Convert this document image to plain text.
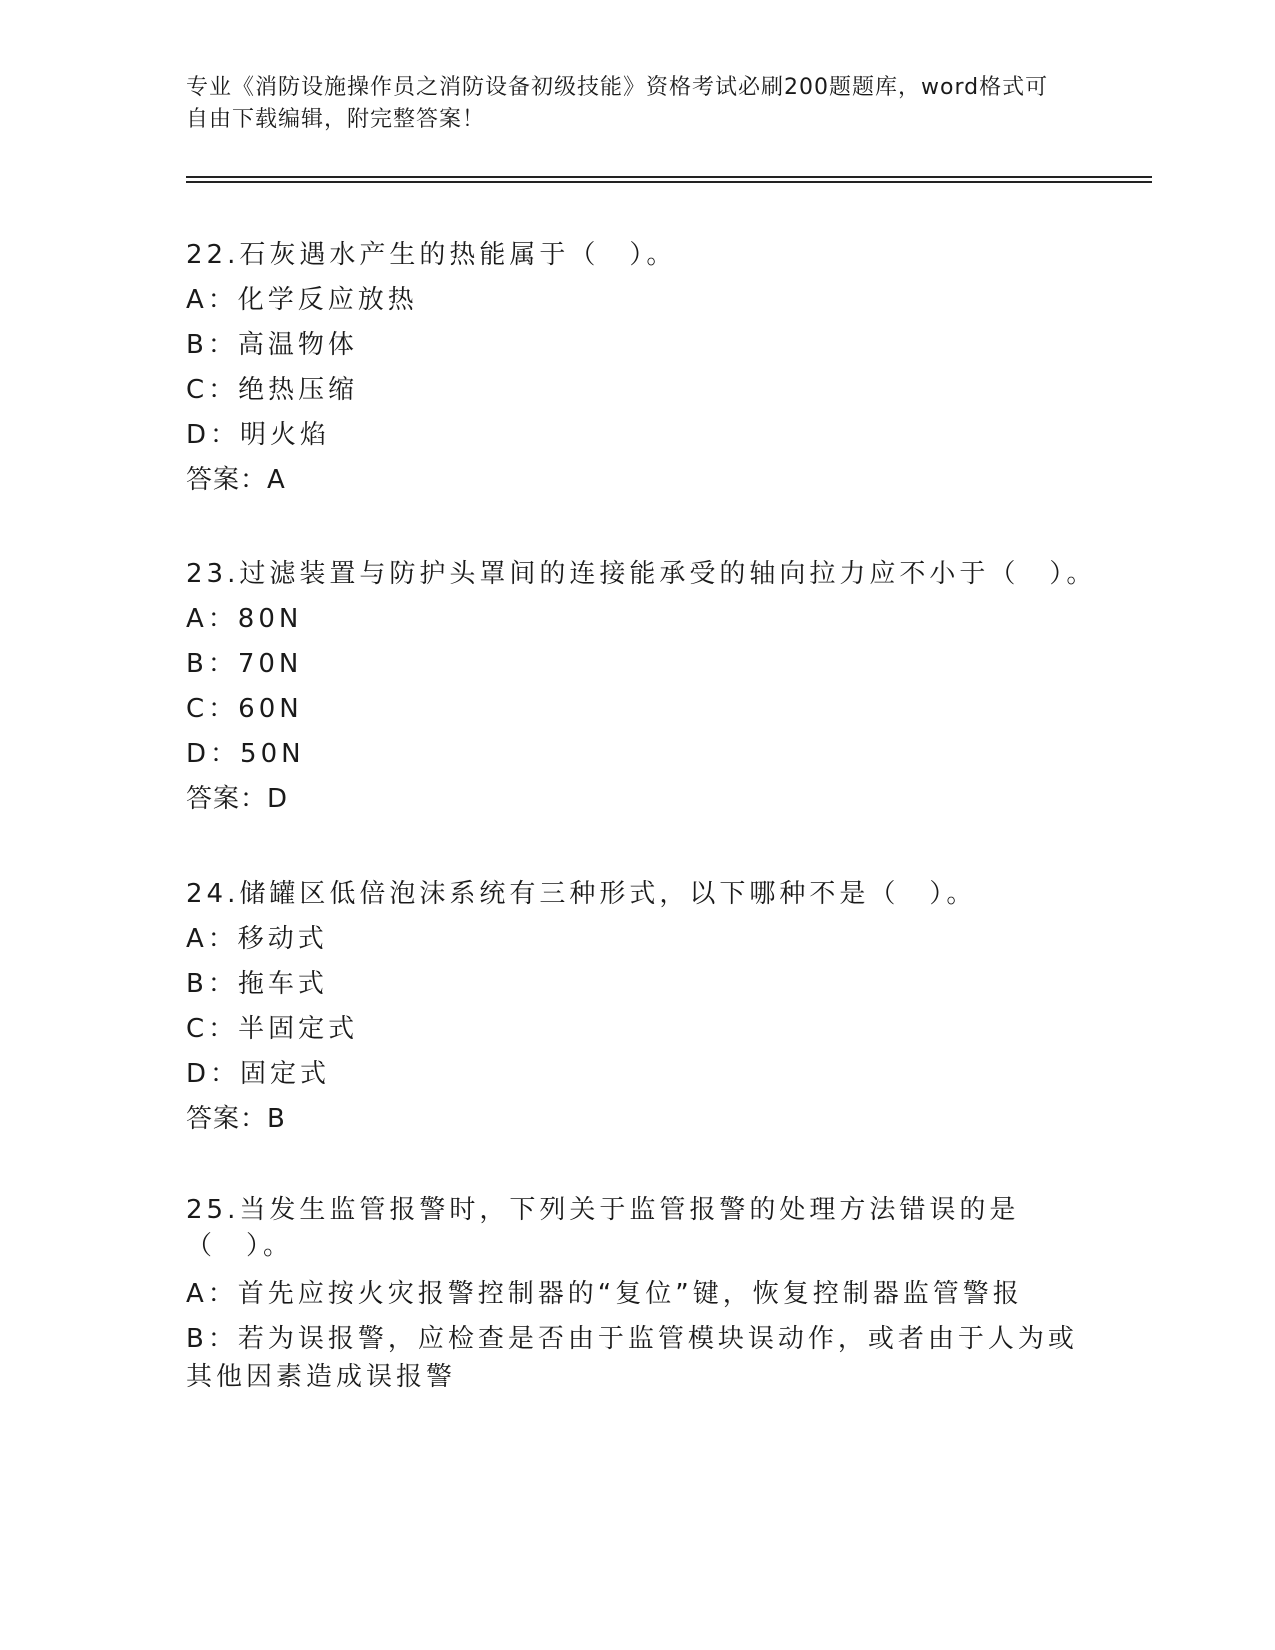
专业《消防设施操作员之消防设备初级技能》资格考试必刷200题题库，word格式可自由下载编辑，附完整答案！
22.石灰遇水产生的热能属于（　）。
A：化学反应放热
B：高温物体
C：绝热压缩
D：明火焰
答案：A
23.过滤装置与防护头罩间的连接能承受的轴向拉力应不小于（　）。
A：80N
B：70N
C：60N
D：50N
答案：D
24.储罐区低倍泡沫系统有三种形式，以下哪种不是（　）。
A：移动式
B：拖车式
C：半固定式
D：固定式
答案：B
25.当发生监管报警时，下列关于监管报警的处理方法错误的是（　）。
A：首先应按火灾报警控制器的“复位”键，恢复控制器监管警报
B：若为误报警，应检查是否由于监管模块误动作，或者由于人为或其他因素造成误报警
